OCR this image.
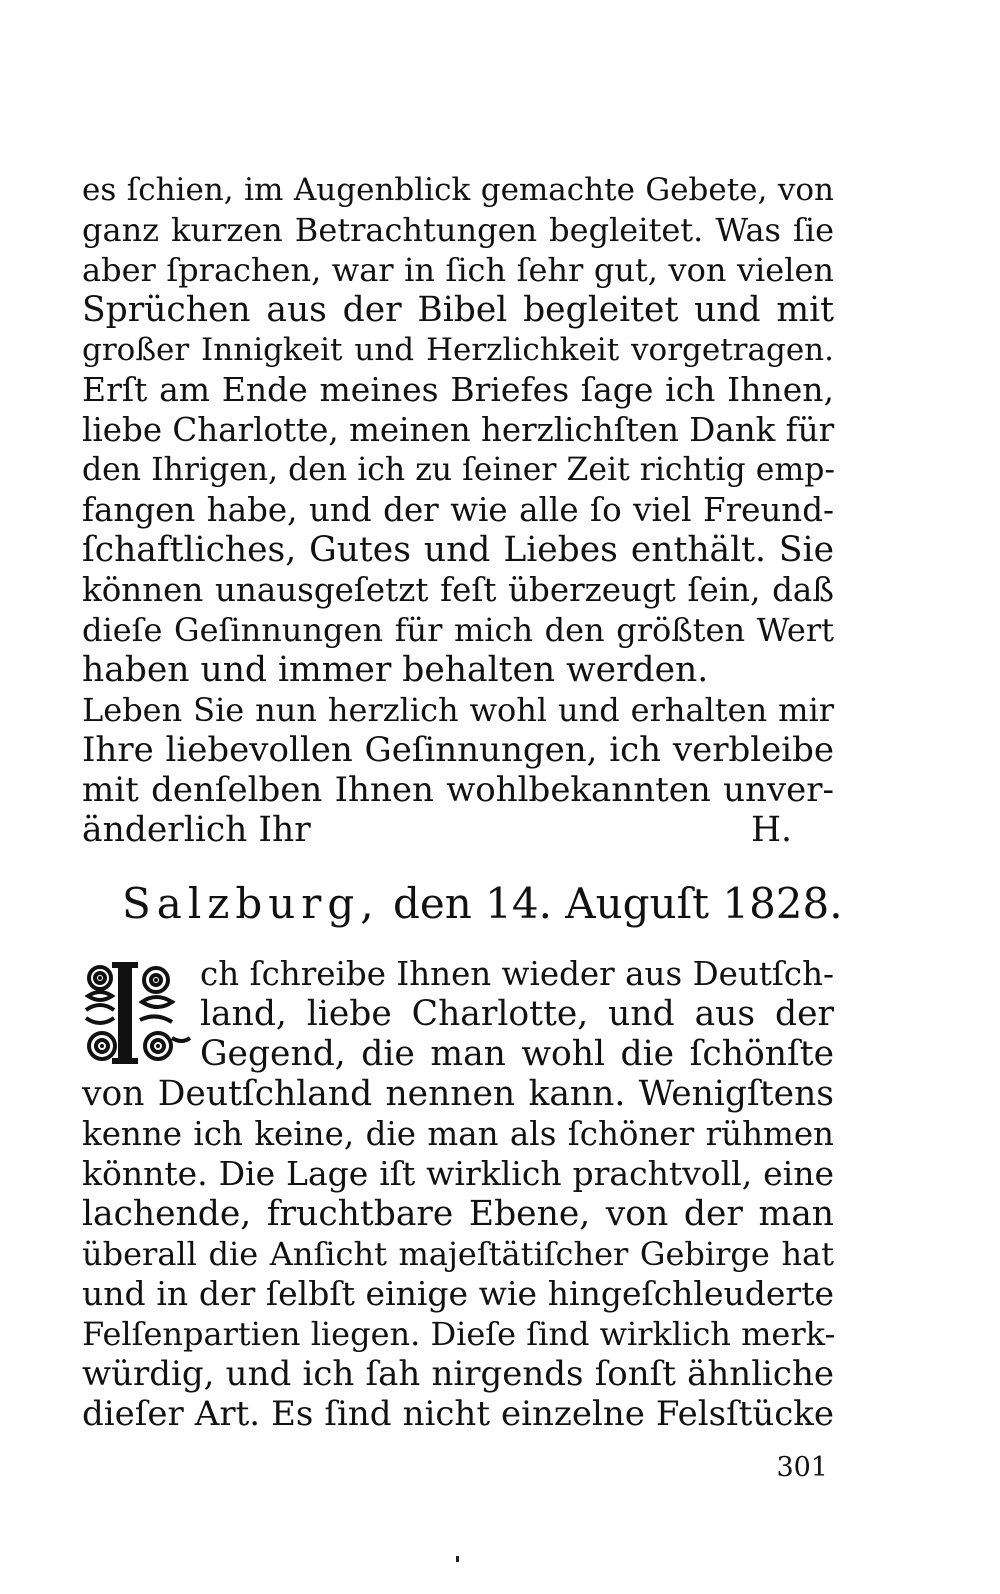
es ſchien, im Augenblick gemachte Gebete, von
ganz kurzen Betrachtungen begleitet. Was ſie
aber ſprachen, war in ſich ſehr gut, von vielen
Sprüchen aus der Bibel begleitet und mit
großer Innigkeit und Herzlichkeit vorgetragen.
Erſt am Ende meines Briefes ſage ich Ihnen,
liebe Charlotte, meinen herzlichſten Dank für
den Ihrigen, den ich zu ſeiner Zeit richtig emp-
fangen habe, und der wie alle ſo viel Freund-
ſchaftliches, Gutes und Liebes enthält. Sie
können unausgeſetzt feſt überzeugt ſein, daß
dieſe Geſinnungen für mich den größten Wert
haben und immer behalten werden.
Leben Sie nun herzlich wohl und erhalten mir
Ihre liebevollen Geſinnungen, ich verbleibe
mit denſelben Ihnen wohlbekannten unver-
änderlich Ihr	H.
Salzburg, den 14. Auguſt 1828.
ch ſchreibe Ihnen wieder aus Deutſch-
land, liebe Charlotte, und aus der
Gegend, die man wohl die ſchönſte
von Deutſchland nennen kann. Wenigſtens
kenne ich keine, die man als ſchöner rühmen
könnte. Die Lage iſt wirklich prachtvoll, eine
lachende, fruchtbare Ebene, von der man
überall die Anſicht majeſtätiſcher Gebirge hat
und in der ſelbſt einige wie hingeſchleuderte
Felſenpartien liegen. Dieſe ſind wirklich merk-
würdig, und ich ſah nirgends ſonſt ähnliche
dieſer Art. Es ſind nicht einzelne Felsſtücke
301
